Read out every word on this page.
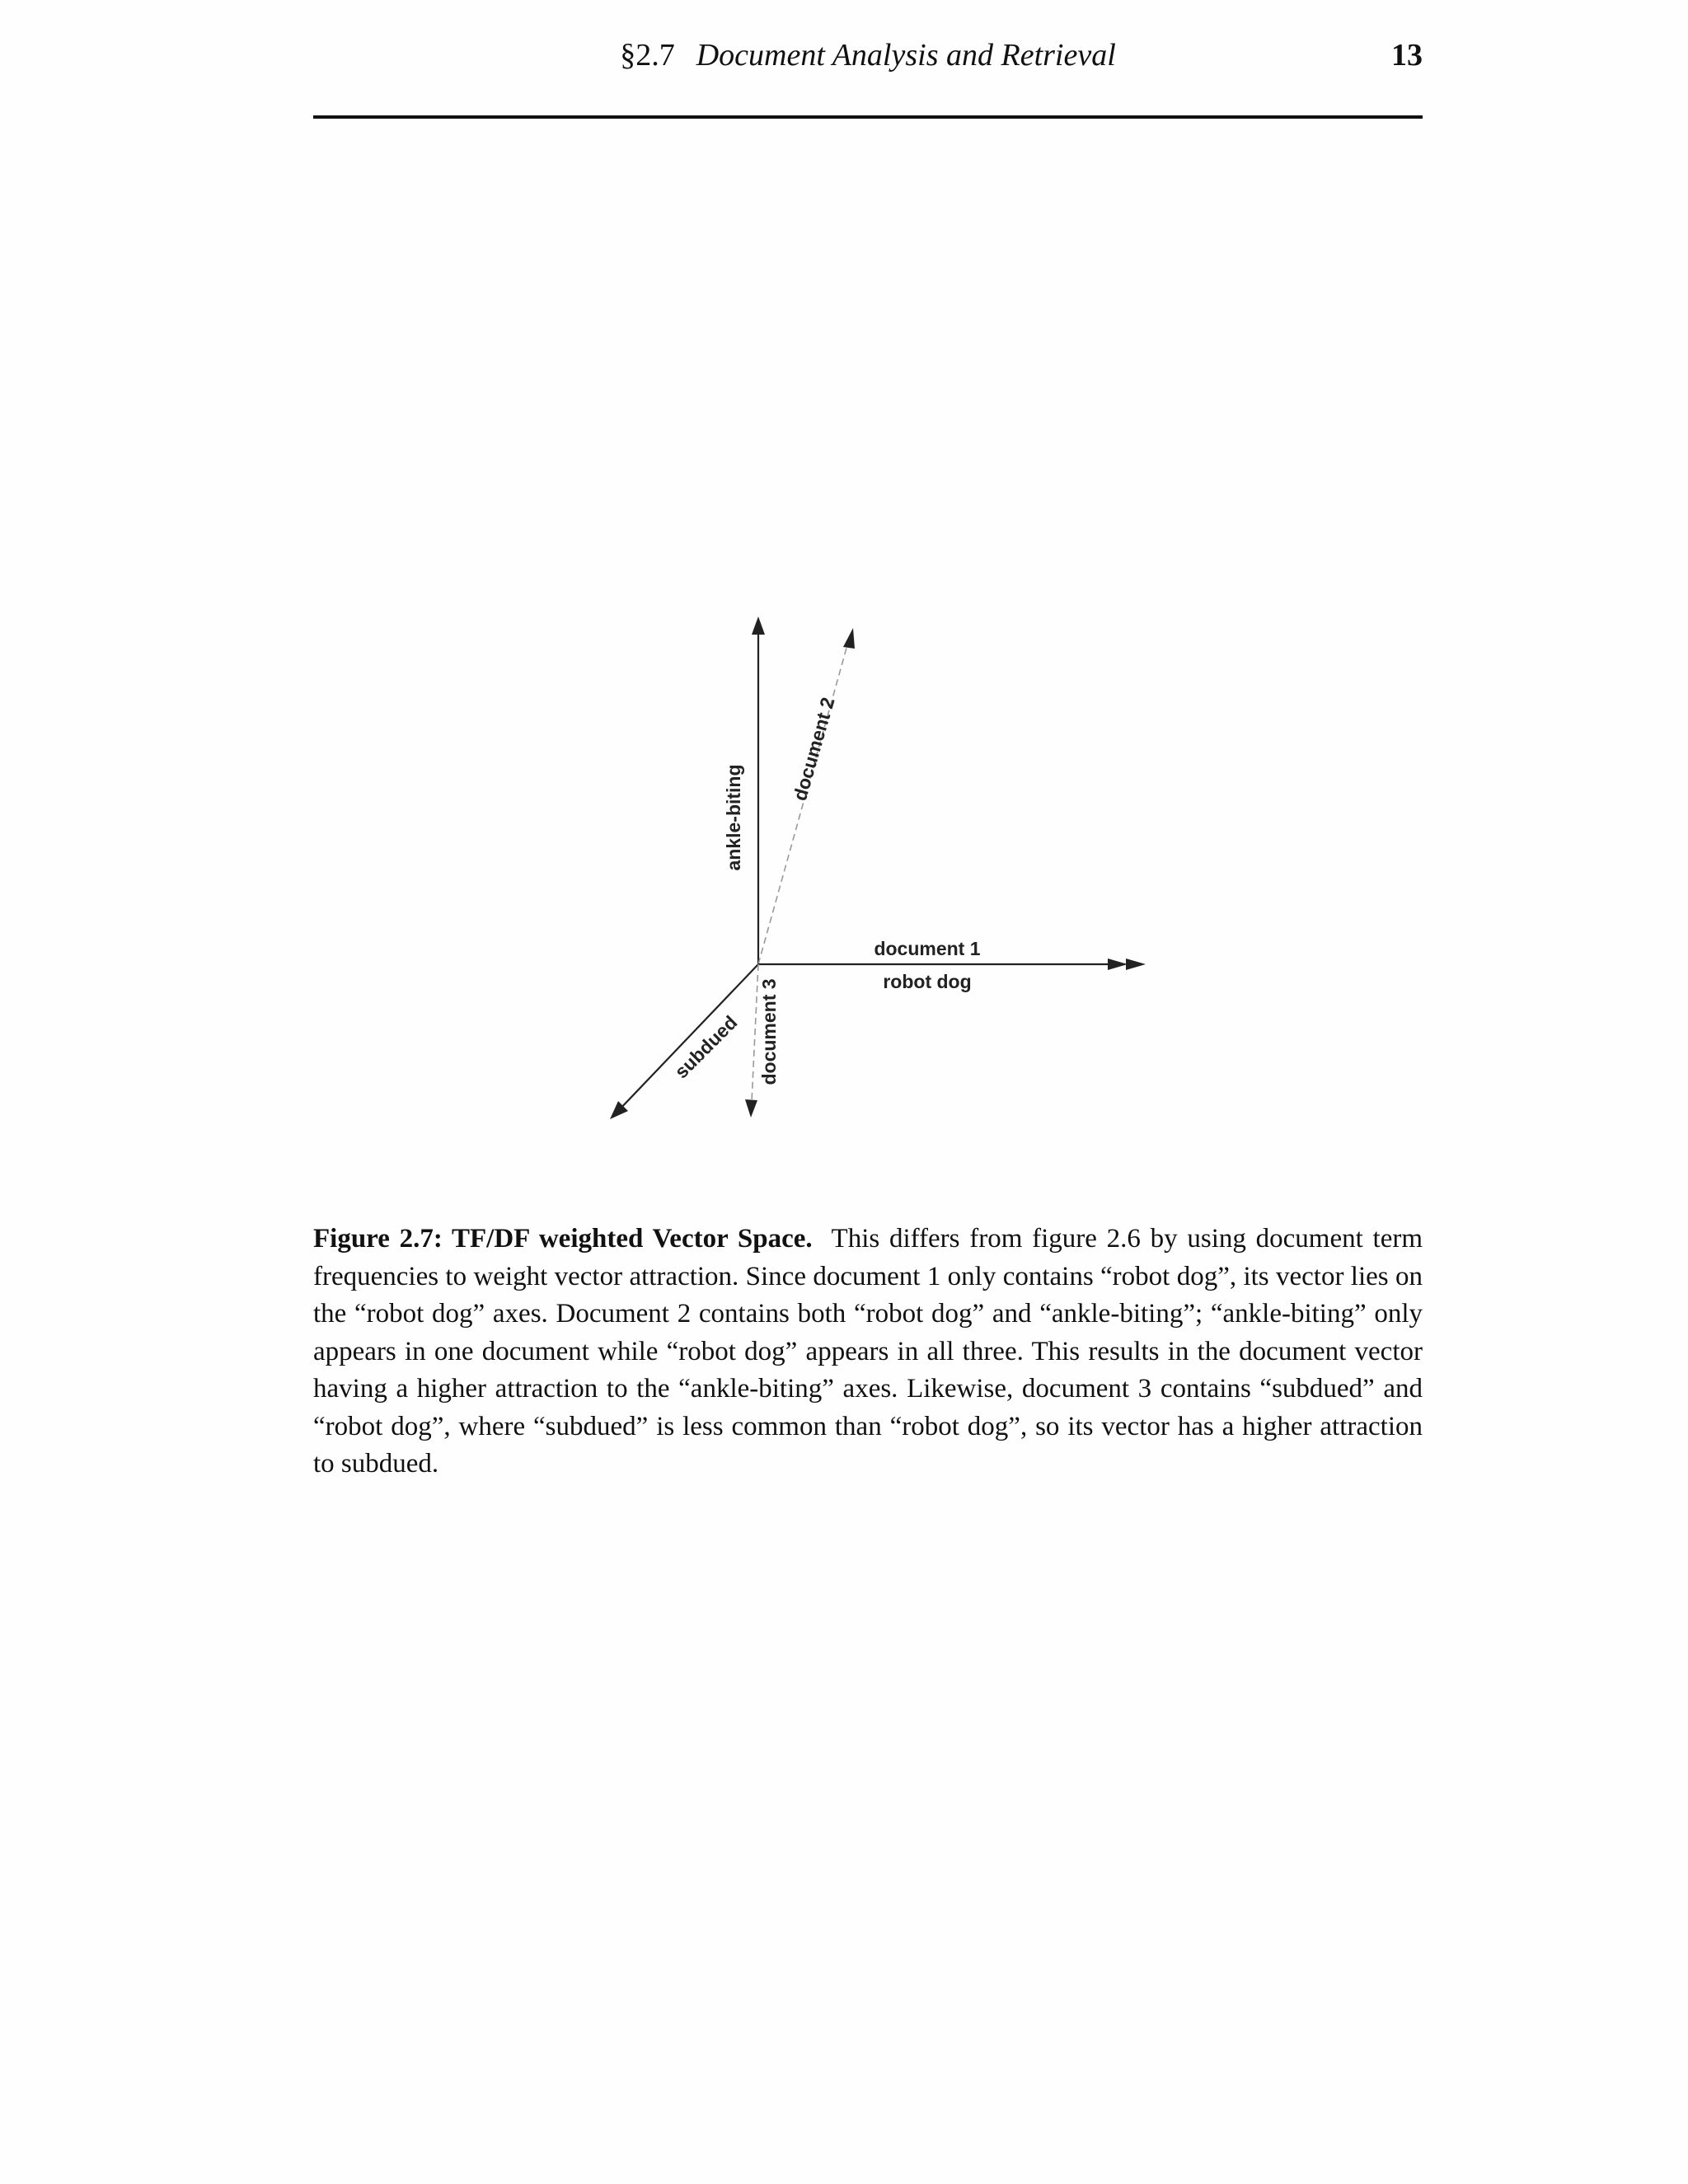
§2.7 Document Analysis and Retrieval	13
ankle-biting
document 2
document 1
robot dog
document 3
subdued

Figure 2.7: TF/DF weighted Vector Space. This differs from figure 2.6 by using document term frequencies to weight vector attraction. Since document 1 only contains “robot dog”, its vector lies on the “robot dog” axes. Document 2 contains both “robot dog” and “ankle-biting”; “ankle-biting” only appears in one document while “robot dog” appears in all three. This results in the document vector having a higher attraction to the “ankle-biting” axes. Likewise, document 3 contains “subdued” and “robot dog”, where “subdued” is less common than “robot dog”, so its vector has a higher attraction to subdued.
